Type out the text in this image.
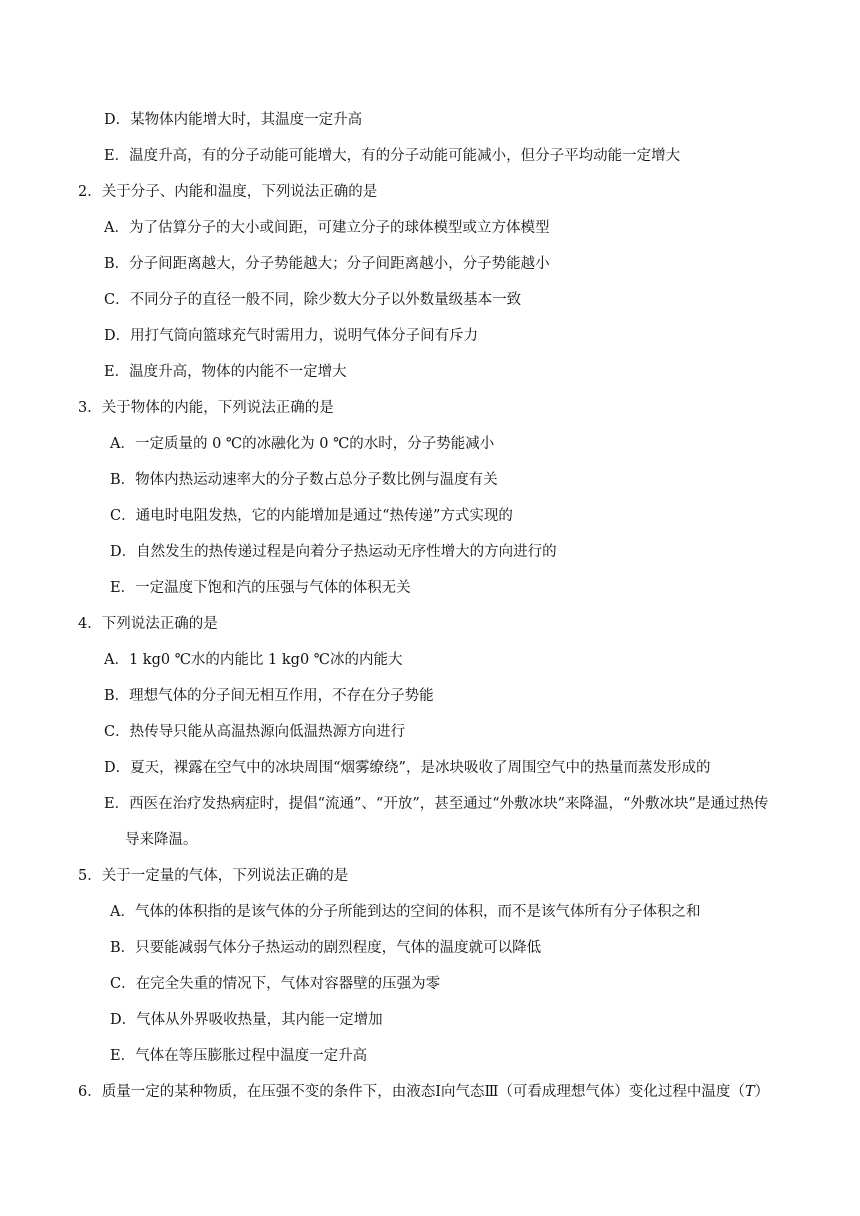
D．某物体内能增大时，其温度一定升高
E．温度升高，有的分子动能可能增大，有的分子动能可能减小，但分子平均动能一定增大
2．关于分子、内能和温度，下列说法正确的是
A．为了估算分子的大小或间距，可建立分子的球体模型或立方体模型
B．分子间距离越大，分子势能越大；分子间距离越小，分子势能越小
C．不同分子的直径一般不同，除少数大分子以外数量级基本一致
D．用打气筒向篮球充气时需用力，说明气体分子间有斥力
E．温度升高，物体的内能不一定增大
3．关于物体的内能，下列说法正确的是
A．一定质量的 0 ℃的冰融化为 0 ℃的水时，分子势能减小
B．物体内热运动速率大的分子数占总分子数比例与温度有关
C．通电时电阻发热，它的内能增加是通过“热传递”方式实现的
D．自然发生的热传递过程是向着分子热运动无序性增大的方向进行的
E．一定温度下饱和汽的压强与气体的体积无关
4．下列说法正确的是
A．1 kg0 ℃水的内能比 1 kg0 ℃冰的内能大
B．理想气体的分子间无相互作用，不存在分子势能
C．热传导只能从高温热源向低温热源方向进行
D．夏天，裸露在空气中的冰块周围“烟雾缭绕”，是冰块吸收了周围空气中的热量而蒸发形成的
E．西医在治疗发热病症时，提倡“流通”、“开放”，甚至通过“外敷冰块”来降温，“外敷冰块”是通过热传
导来降温。
5．关于一定量的气体，下列说法正确的是
A．气体的体积指的是该气体的分子所能到达的空间的体积，而不是该气体所有分子体积之和
B．只要能减弱气体分子热运动的剧烈程度，气体的温度就可以降低
C．在完全失重的情况下，气体对容器壁的压强为零
D．气体从外界吸收热量，其内能一定增加
E．气体在等压膨胀过程中温度一定升高
6．质量一定的某种物质，在压强不变的条件下，由液态Ⅰ向气态Ⅲ（可看成理想气体）变化过程中温度（T）
